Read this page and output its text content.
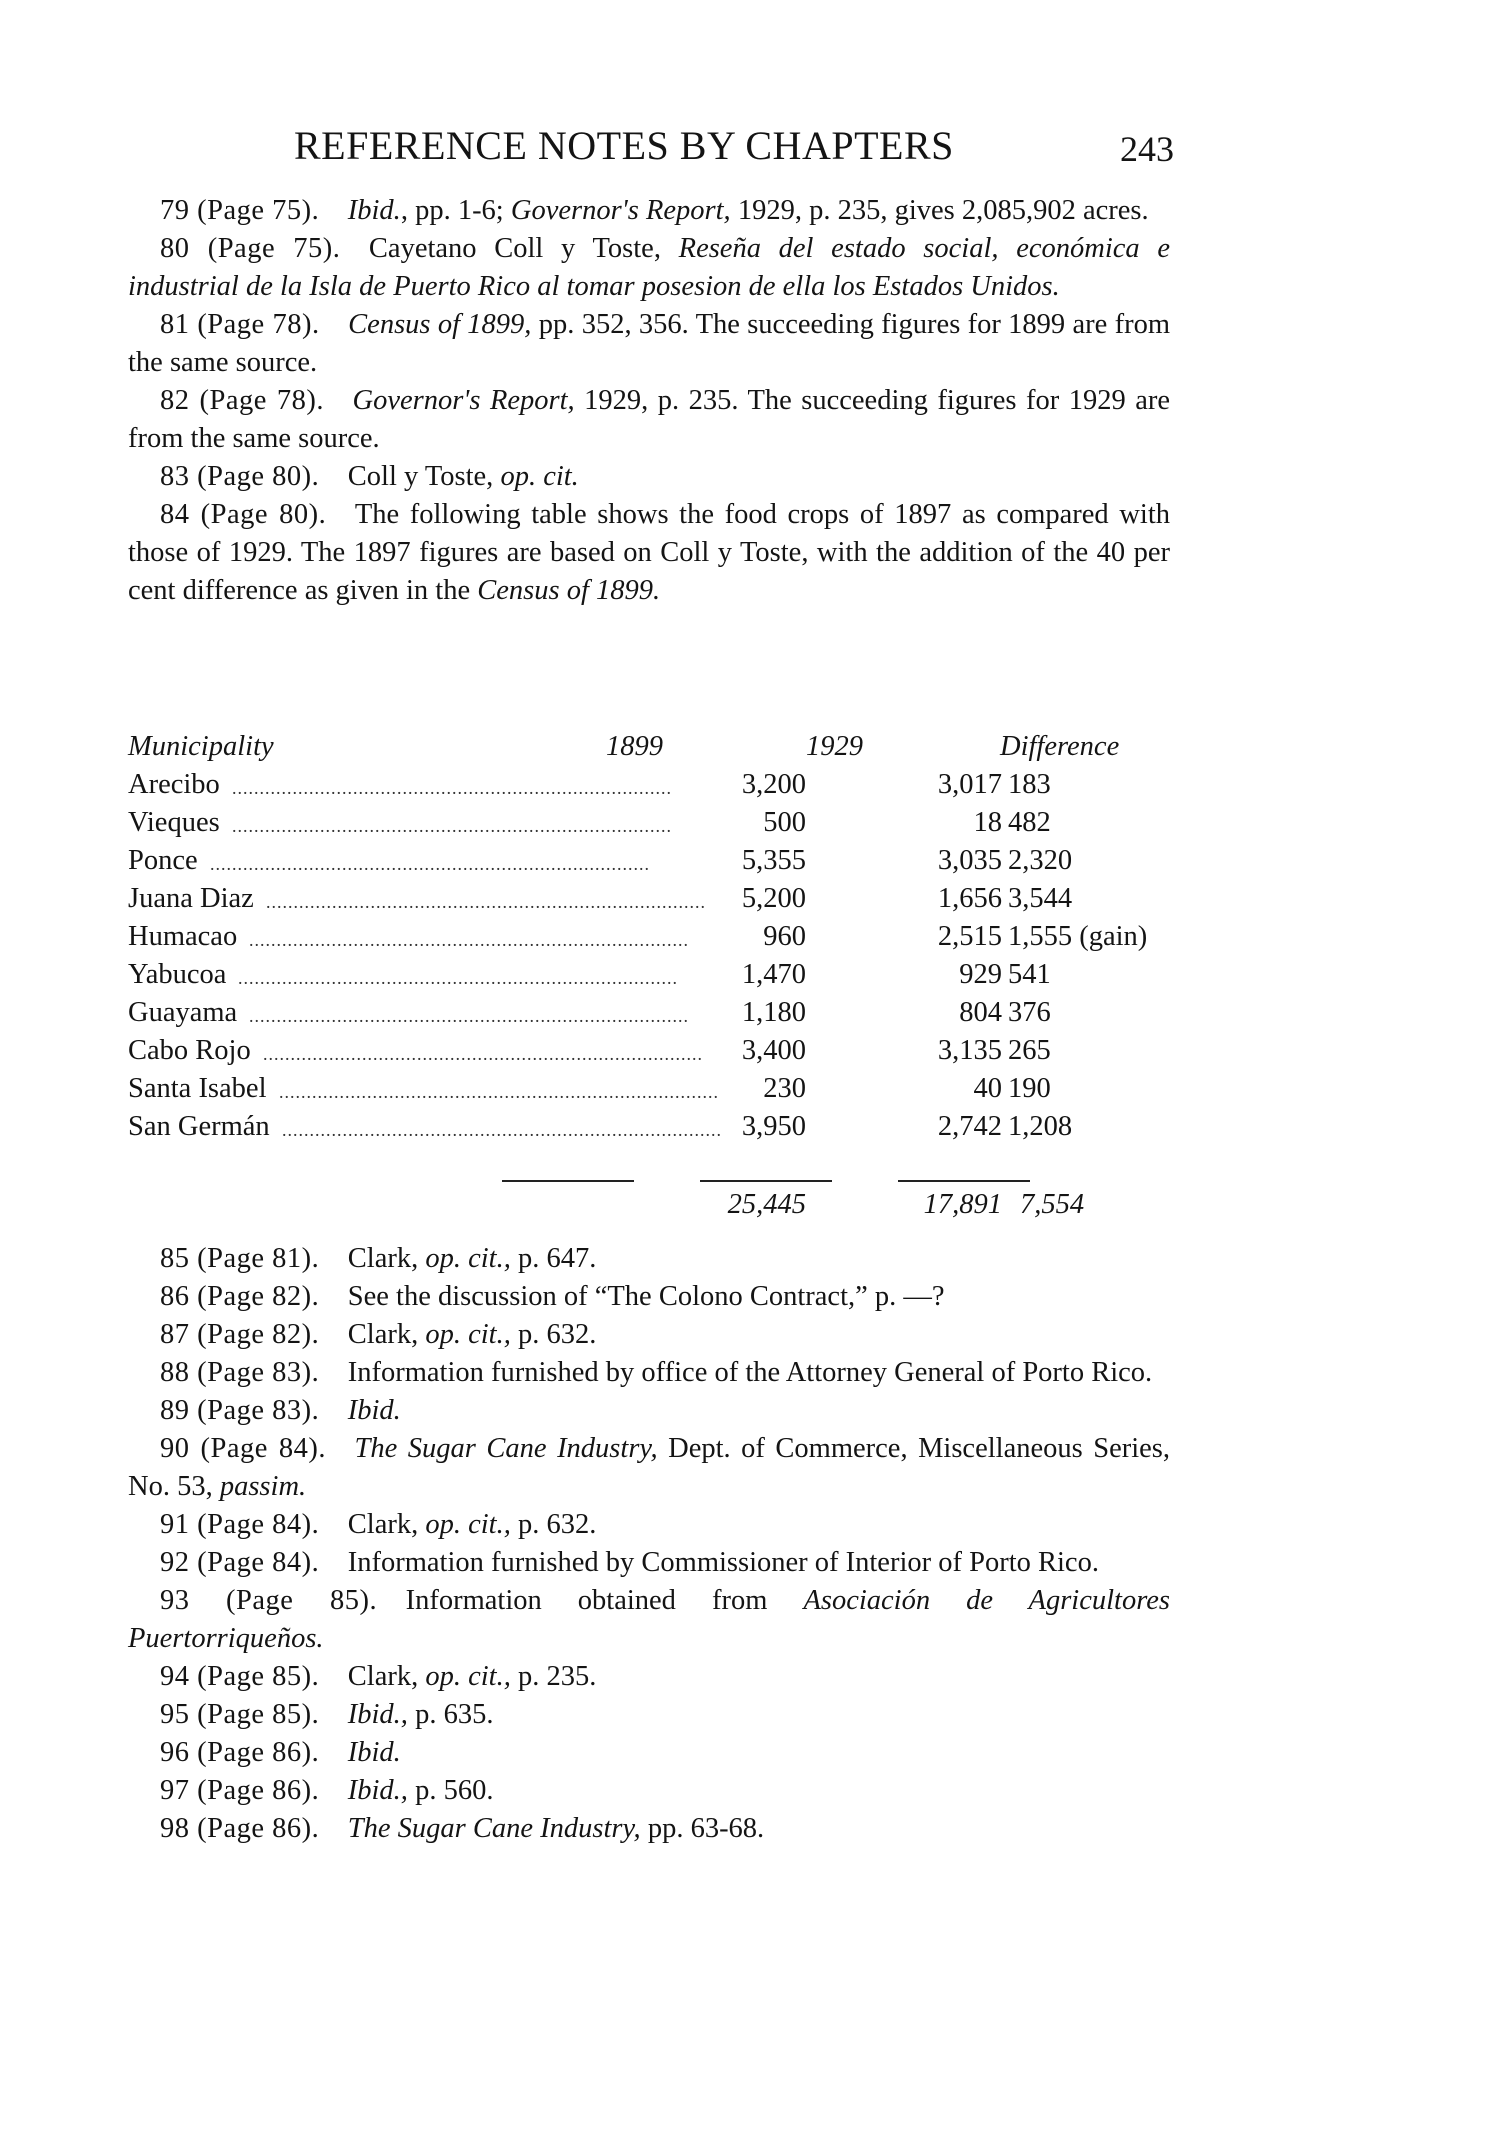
REFERENCE NOTES BY CHAPTERS	243

79 (Page 75).  Ibid., pp. 1-6; Governor's Report, 1929, p. 235, gives 2,085,902 acres.

80 (Page 75).  Cayetano Coll y Toste, Reseña del estado social, económica e industrial de la Isla de Puerto Rico al tomar posesion de ella los Estados Unidos.

81 (Page 78).  Census of 1899, pp. 352, 356. The succeeding figures for 1899 are from the same source.

82 (Page 78).  Governor's Report, 1929, p. 235. The succeeding figures for 1929 are from the same source.

83 (Page 80).  Coll y Toste, op. cit.

84 (Page 80).  The following table shows the food crops of 1897 as compared with those of 1929. The 1897 figures are based on Coll y Toste, with the addition of the 40 per cent difference as given in the Census of 1899.

Municipality	1899	1929	Difference
Arecibo ................................................................................ 3,200	3,017 183
Vieques ................................................................................	500	18 482
Ponce ................................................................................	5,355	3,035 2,320
Juana Diaz ................................................................................ 5,200	1,656 3,544
Humacao ................................................................................	960	2,515 1,555 (gain)
Yabucoa ................................................................................ 1,470	929 541
Guayama ................................................................................ 1,180	804 376
Cabo Rojo ................................................................................ 3,400	3,135 265
Santa Isabel ................................................................................ 230	40 190
San Germán ................................................................................ 3,950	2,742 1,208
25,445	17,891 7,554

85 (Page 81).  Clark, op. cit., p. 647.

86 (Page 82).  See the discussion of “The Colono Contract,” p. —?

87 (Page 82).  Clark, op. cit., p. 632.

88 (Page 83).  Information furnished by office of the Attorney General of Porto Rico.

89 (Page 83).  Ibid.

90 (Page 84).  The Sugar Cane Industry, Dept. of Commerce, Miscellaneous Series, No. 53, passim.

91 (Page 84).  Clark, op. cit., p. 632.

92 (Page 84).  Information furnished by Commissioner of Interior of Porto Rico.

93 (Page 85).  Information obtained from Asociación de Agricultores Puertorriqueños.

94 (Page 85).  Clark, op. cit., p. 235.

95 (Page 85).  Ibid., p. 635.

96 (Page 86).  Ibid.

97 (Page 86).  Ibid., p. 560.

98 (Page 86).  The Sugar Cane Industry, pp. 63-68.
